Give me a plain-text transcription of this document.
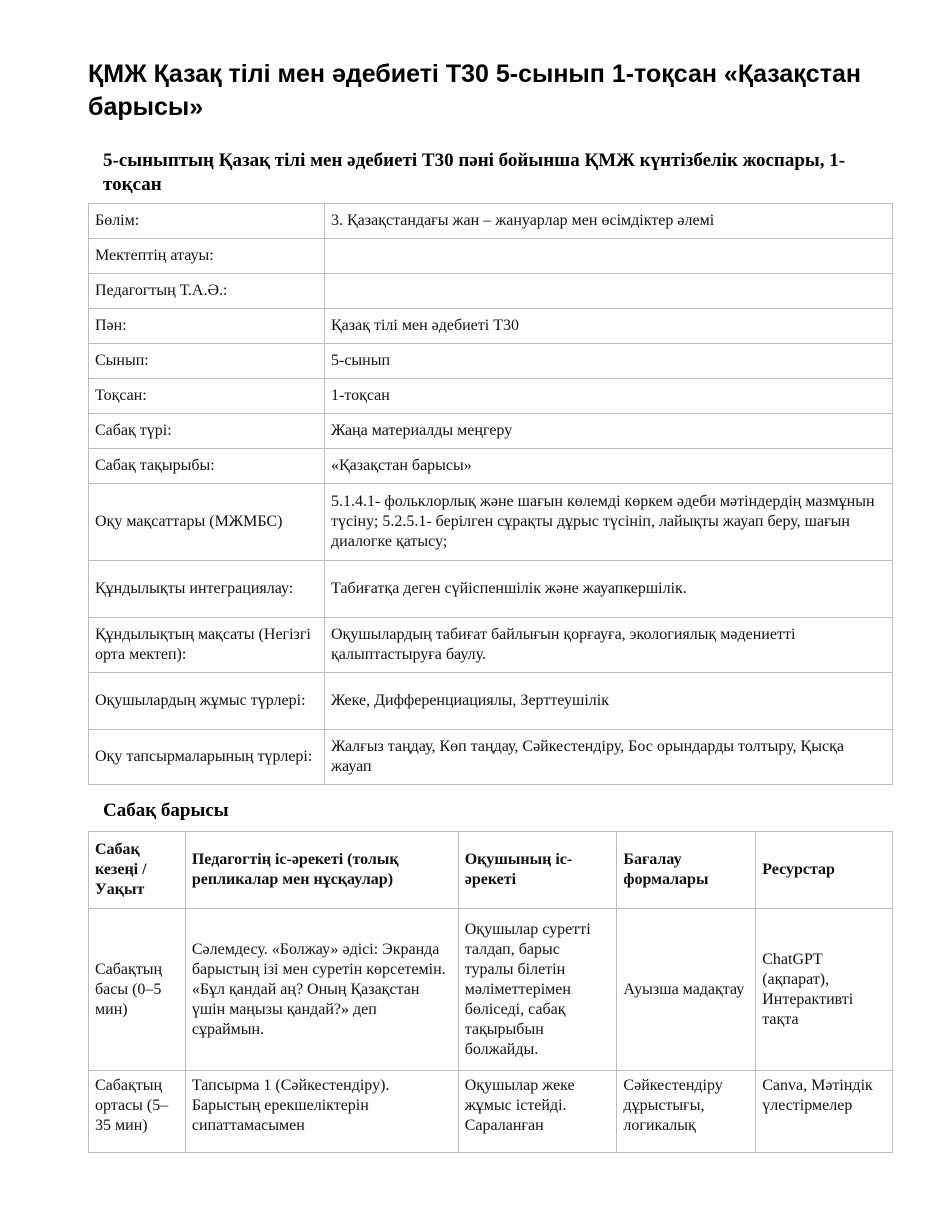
ҚМЖ Қазақ тілі мен әдебиеті Т30 5-сынып 1-тоқсан «Қазақстан барысы»

5-сыныптың Қазақ тілі мен әдебиеті Т30 пәні бойынша ҚМЖ күнтізбелік жоспары, 1-тоқсан

Бөлім:	3. Қазақстандағы жан – жануарлар мен өсімдіктер әлемі
Мектептің атауы:	
Педагогтың Т.А.Ә.:	
Пән:	Қазақ тілі мен әдебиеті Т30
Сынып:	5-сынып
Тоқсан:	1-тоқсан
Сабақ түрі:	Жаңа материалды меңгеру
Сабақ тақырыбы:	«Қазақстан барысы»
Оқу мақсаттары (МЖМБС)	5.1.4.1- фольклорлық және шағын көлемді көркем әдеби мәтіндердің мазмұнын түсіну; 5.2.5.1- берілген сұрақты дұрыс түсініп, лайықты жауап беру, шағын диалогке қатысу;
Құндылықты интеграциялау:	Табиғатқа деген сүйіспеншілік және жауапкершілік.
Құндылықтың мақсаты (Негізгі орта мектеп):	Оқушылардың табиғат байлығын қорғауға, экологиялық мәдениетті қалыптастыруға баулу.
Оқушылардың жұмыс түрлері:	Жеке, Дифференциациялы, Зерттеушілік
Оқу тапсырмаларының түрлері:	Жалғыз таңдау, Көп таңдау, Сәйкестендіру, Бос орындарды толтыру, Қысқа жауап
Сабақ барысы
Сабақ кезеңі / Уақыт	Педагогтің іс-әрекеті (толық репликалар мен нұсқаулар)	Оқушының іс-әрекеті	Бағалау формалары	Ресурстар
Сабақтың басы (0–5 мин)	Сәлемдесу. «Болжау» әдісі: Экранда барыстың ізі мен суретін көрсетемін. «Бұл қандай аң? Оның Қазақстан үшін маңызы қандай?» деп сұраймын.	Оқушылар суретті талдап, барыс туралы білетін мәліметтерімен бөліседі, сабақ тақырыбын болжайды.	Ауызша мадақтау	ChatGPT (ақпарат), Интерактивті тақта
Сабақтың ортасы (5–35 мин)	Тапсырма 1 (Сәйкестендіру). Барыстың ерекшеліктерін сипаттамасымен	Оқушылар жеке жұмыс істейді. Сараланған	Сәйкестендіру дұрыстығы, логикалық	Canva, Мәтіндік үлестірмелер
